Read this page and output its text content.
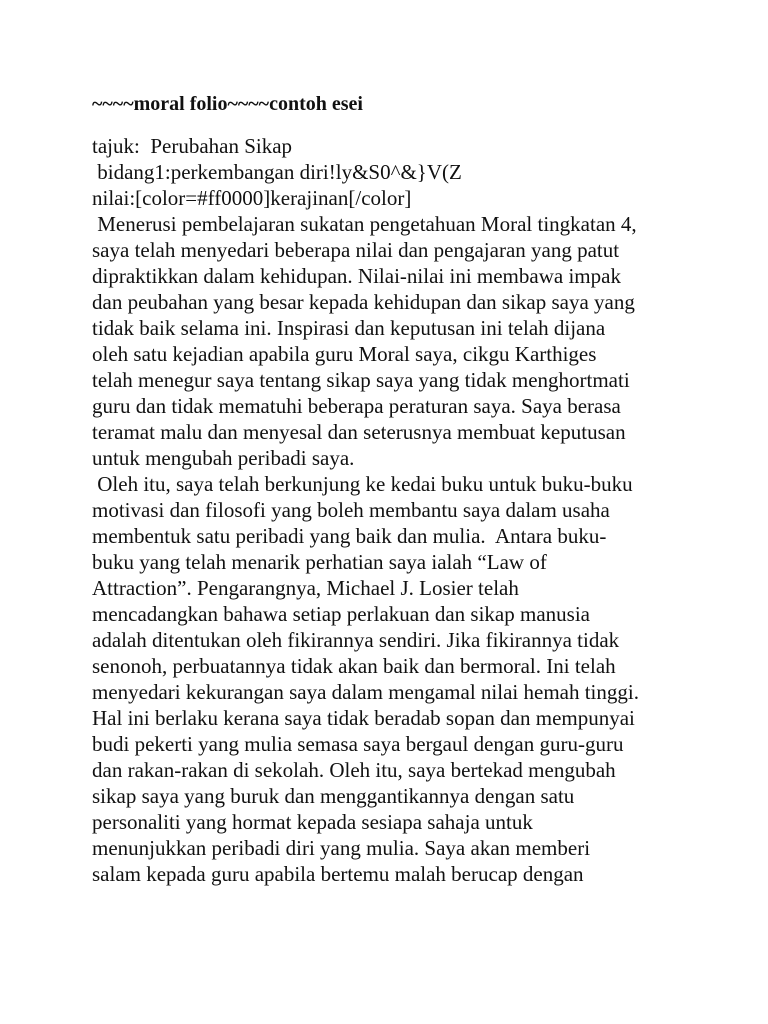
~~~~moral folio~~~~contoh esei
tajuk:  Perubahan Sikap
bidang1:perkembangan diri!ly&S0^&}V(Z
nilai:[color=#ff0000]kerajinan[/color]
Menerusi pembelajaran sukatan pengetahuan Moral tingkatan 4,
saya telah menyedari beberapa nilai dan pengajaran yang patut
dipraktikkan dalam kehidupan. Nilai-nilai ini membawa impak
dan peubahan yang besar kepada kehidupan dan sikap saya yang
tidak baik selama ini. Inspirasi dan keputusan ini telah dijana
oleh satu kejadian apabila guru Moral saya, cikgu Karthiges
telah menegur saya tentang sikap saya yang tidak menghortmati
guru dan tidak mematuhi beberapa peraturan saya. Saya berasa
teramat malu dan menyesal dan seterusnya membuat keputusan
untuk mengubah peribadi saya.
Oleh itu, saya telah berkunjung ke kedai buku untuk buku-buku
motivasi dan filosofi yang boleh membantu saya dalam usaha
membentuk satu peribadi yang baik dan mulia.  Antara buku-
buku yang telah menarik perhatian saya ialah “Law of
Attraction”. Pengarangnya, Michael J. Losier telah
mencadangkan bahawa setiap perlakuan dan sikap manusia
adalah ditentukan oleh fikirannya sendiri. Jika fikirannya tidak
senonoh, perbuatannya tidak akan baik dan bermoral. Ini telah
menyedari kekurangan saya dalam mengamal nilai hemah tinggi.
Hal ini berlaku kerana saya tidak beradab sopan dan mempunyai
budi pekerti yang mulia semasa saya bergaul dengan guru-guru
dan rakan-rakan di sekolah. Oleh itu, saya bertekad mengubah
sikap saya yang buruk dan menggantikannya dengan satu
personaliti yang hormat kepada sesiapa sahaja untuk
menunjukkan peribadi diri yang mulia. Saya akan memberi
salam kepada guru apabila bertemu malah berucap dengan
